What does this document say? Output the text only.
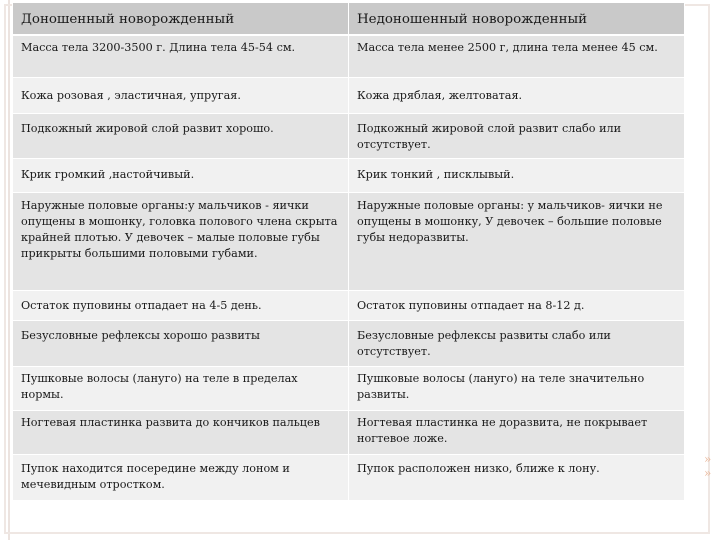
»
»
Доношенный новорожденный	Недоношенный новорожденный
Масса тела 3200-3500 г. Длина тела 45-54 см.	Масса тела менее 2500 г, длина тела менее 45 см.
Кожа розовая , эластичная, упругая.	Кожа дряблая, желтоватая.
Подкожный жировой слой развит хорошо.	Подкожный жировой слой развит слабо или отсутствует.
Крик громкий ,настойчивый.	Крик тонкий , писклывый.
Наружные половые органы:у мальчиков - яички опущены в мошонку, головка полового члена скрыта крайней плотью. У девочек – малые половые губы прикрыты большими половыми губами.	Наружные половые органы: у мальчиков- яички не опущены в мошонку, У девочек – большие половые губы недоразвиты.
Остаток пуповины отпадает на 4-5 день.	Остаток пуповины отпадает на 8-12 д.
Безусловные рефлексы хорошо развиты	Безусловные рефлексы развиты слабо или отсутствует.
Пушковые волосы (лануго) на теле в пределах нормы.	Пушковые волосы (лануго) на теле значительно развиты.
Ногтевая пластинка развита до кончиков пальцев	Ногтевая пластинка не доразвита, не покрывает ногтевое ложе.
Пупок находится посередине между лоном и мечевидным отростком.	Пупок расположен низко, ближе к лону.
